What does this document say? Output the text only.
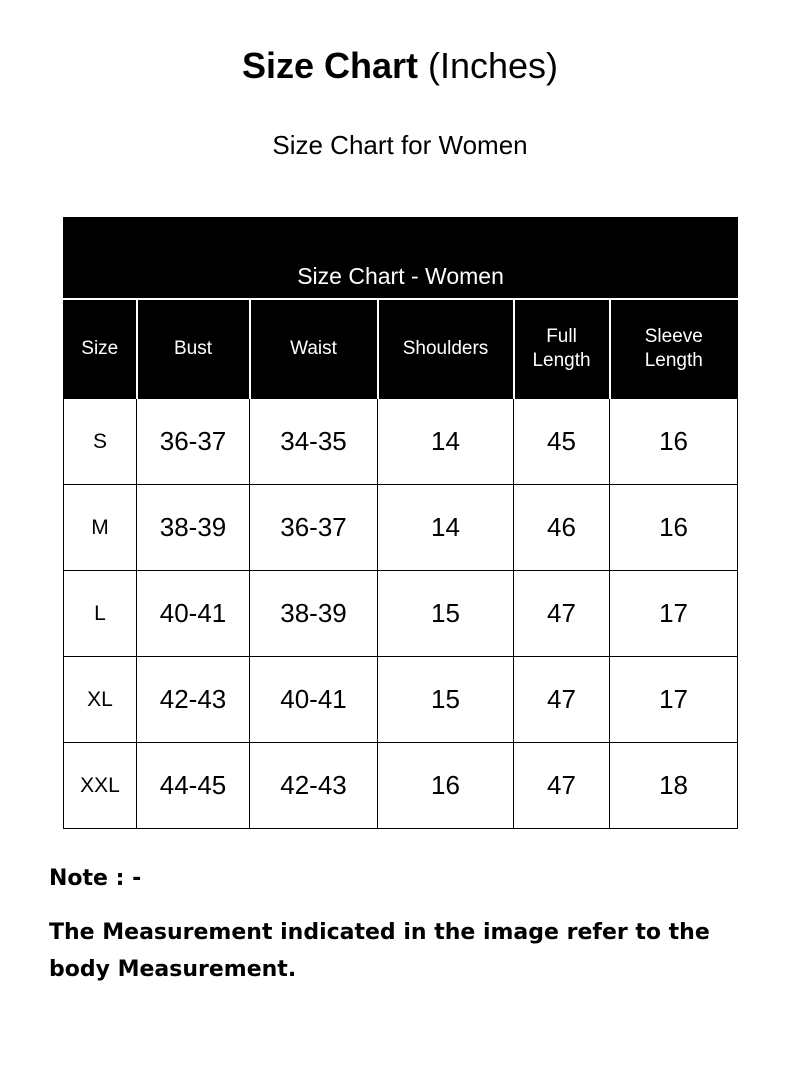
Size Chart (Inches)
Size Chart for Women
Size Chart - Women					
Size	Bust	Waist	Shoulders	Full Length	Sleeve Length
S	36-37	34-35	14	45	16
M	38-39	36-37	14	46	16
L	40-41	38-39	15	47	17
XL	42-43	40-41	15	47	17
XXL	44-45	42-43	16	47	18
Note : -
The Measurement indicated in the image refer to the body Measurement.
